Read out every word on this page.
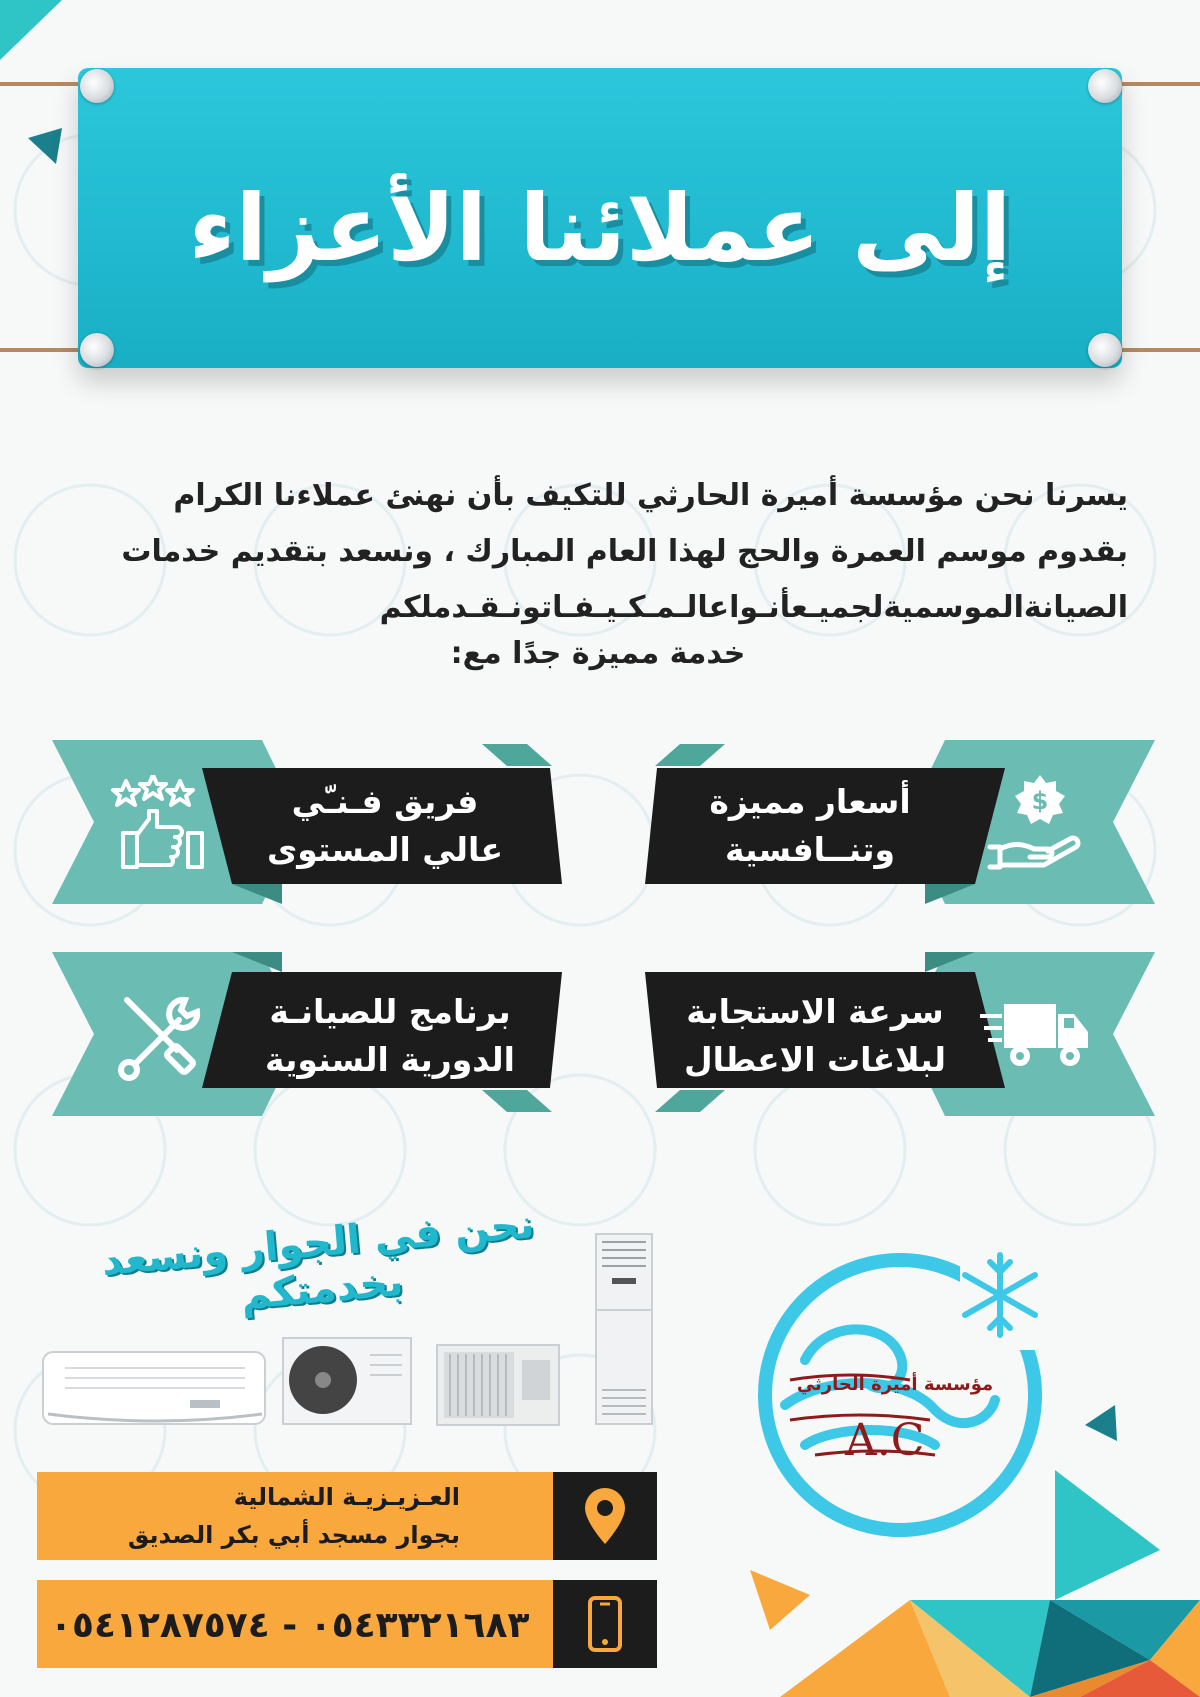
إلى عملائنا الأعزاء
يسرنا نحن مؤسسة أميرة الحارثي للتكيف بأن نهنئ عملاءنا الكرام
بقدوم موسم العمرة والحج لهذا العام المبارك ، ونسعد بتقديم خدمات
الصيانةالموسميةلجميـعأنـواعالـمـكـيـفـاتونـقـدملكم
خدمة مميزة جدًا مع:
فريق فـنـّي
عالي المستوى
$
أسعار مميزة
وتنــافسية
برنامج للصيانـة
الدورية السنوية
سرعة الاستجابة
لبلاغات الاعطال
نحن في الجوار ونسعد بخدمتكم
A.C
مؤسسة أميرة الحارثي
العـزيـزيـة الشمالية
بجوار مسجد أبي بكر الصديق
٠٥٤٣٣٢١٦٨٣ - ٠٥٤١٢٨٧٥٧٤
